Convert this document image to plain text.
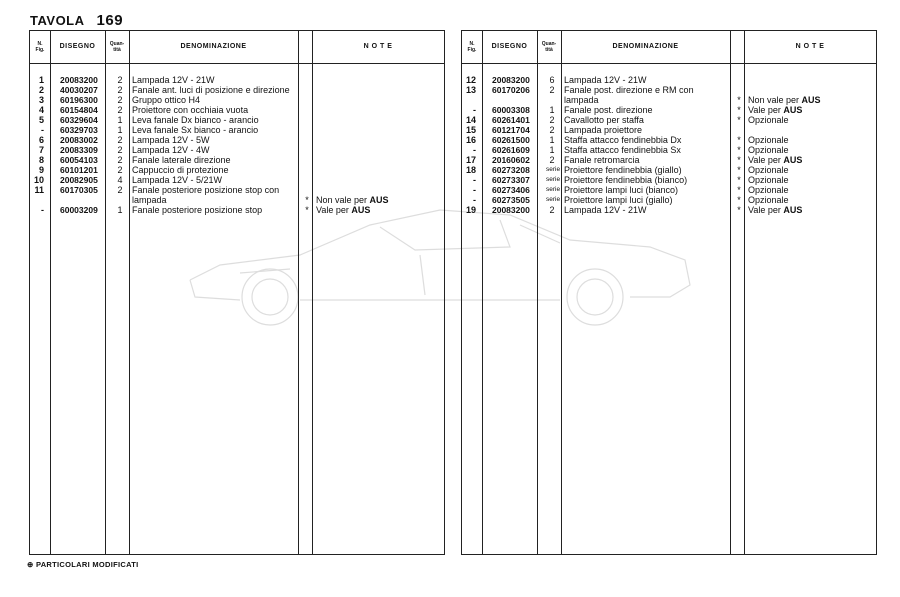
TAVOLA 169
N.
Fig.	DISEGNO	Quan-
tità	DENOMINAZIONE	N O T E
1 20083200	2	Lampada 12V - 21W
2 40030207	2	Fanale ant. luci di posizione e direzione
3 60196300	2	Gruppo ottico H4
4 60154804	2	Proiettore con occhiaia vuota
5 60329604	1	Leva fanale Dx bianco - arancio
- 60329703	1	Leva fanale Sx bianco - arancio
6 20083002	2	Lampada 12V - 5W
7 20083309	2	Lampada 12V - 4W
8 60054103	2	Fanale laterale direzione
9 60101201	2	Cappuccio di protezione
10 20082905	4	Lampada 12V - 5/21W
11 60170305	2	Fanale posteriore posizione stop con
lampada	* Non vale per AUS
- 60003209	1	Fanale posteriore posizione stop	* Vale per AUS
N.
Fig.	DISEGNO	Quan-
tità	DENOMINAZIONE	N O T E
12 20083200	6	Lampada 12V - 21W
13 60170206	2	Fanale post. direzione e RM con
lampada	* Non vale per AUS
- 60003308	1	Fanale post. direzione	* Vale per AUS
14 60261401	2	Cavallotto per staffa	* Opzionale
15 60121704	2	Lampada proiettore
16 60261500	1	Staffa attacco fendinebbia Dx	* Opzionale
- 60261609	1	Staffa attacco fendinebbia Sx	* Opzionale
17 20160602	2	Fanale retromarcia	* Vale per AUS
18 60273208 serie Proiettore fendinebbia (giallo)	* Opzionale
- 60273307 serie Proiettore fendinebbia (bianco)	* Opzionale
- 60273406 serie Proiettore lampi luci (bianco)	* Opzionale
- 60273505 serie Proiettore lampi luci (giallo)	* Opzionale
19 20083200	2	Lampada 12V - 21W	* Vale per AUS
⊕ PARTICOLARI MODIFICATI
